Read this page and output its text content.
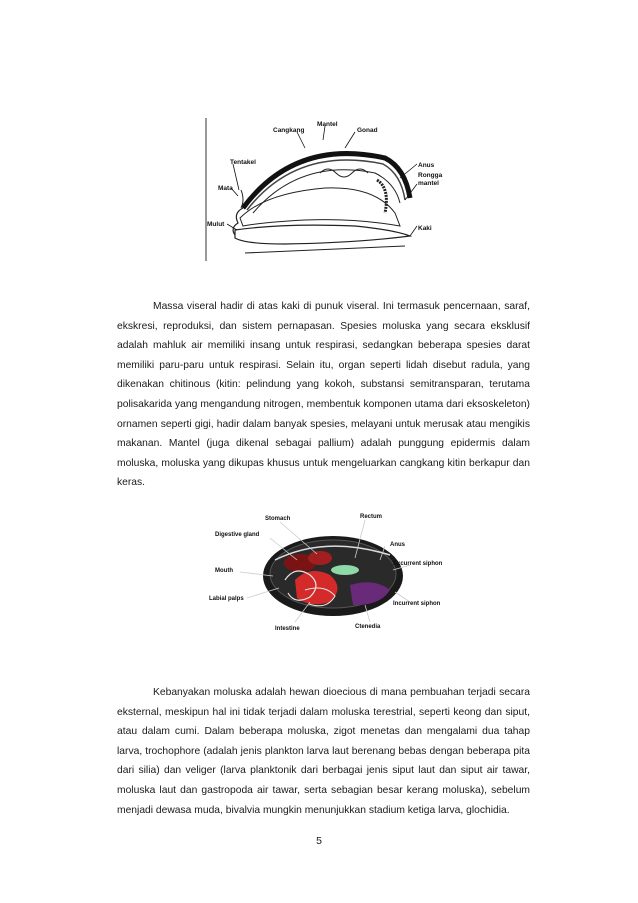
Mantel
Cangkang	Gonad
Tentakel	Anus
Rongga
mantel
Mata
Mulut
Kaki

Massa viseral hadir di atas kaki di punuk viseral. Ini termasuk pencernaan, saraf, ekskresi, reproduksi, dan sistem pernapasan. Spesies moluska yang secara eksklusif adalah mahluk air memiliki insang untuk respirasi, sedangkan beberapa spesies darat memiliki paru-paru untuk respirasi. Selain itu, organ seperti lidah disebut radula, yang dikenakan chitinous (kitin: pelindung yang kokoh, substansi semitransparan, terutama polisakarida yang mengandung nitrogen, membentuk komponen utama dari eksoskeleton) ornamen seperti gigi, hadir dalam banyak spesies, melayani untuk merusak atau mengikis makanan. Mantel (juga dikenal sebagai pallium) adalah punggung epidermis dalam moluska, moluska yang dikupas khusus untuk mengeluarkan cangkang kitin berkapur dan keras.

Stomach	Rectum
Digestive gland
Anus
Mouth
Excurrent siphon
Labial palps
Incurrent siphon
Intestine	Ctenedia

Kebanyakan moluska adalah hewan dioecious di mana pembuahan terjadi secara eksternal, meskipun hal ini tidak terjadi dalam moluska terestrial, seperti keong dan siput, atau dalam cumi. Dalam beberapa moluska, zigot menetas dan mengalami dua tahap larva, trochophore (adalah jenis plankton larva laut berenang bebas dengan beberapa pita dari silia) dan veliger (larva planktonik dari berbagai jenis siput laut dan siput air tawar, moluska laut dan gastropoda air tawar, serta sebagian besar kerang moluska), sebelum menjadi dewasa muda, bivalvia mungkin menunjukkan stadium ketiga larva, glochidia.

5
